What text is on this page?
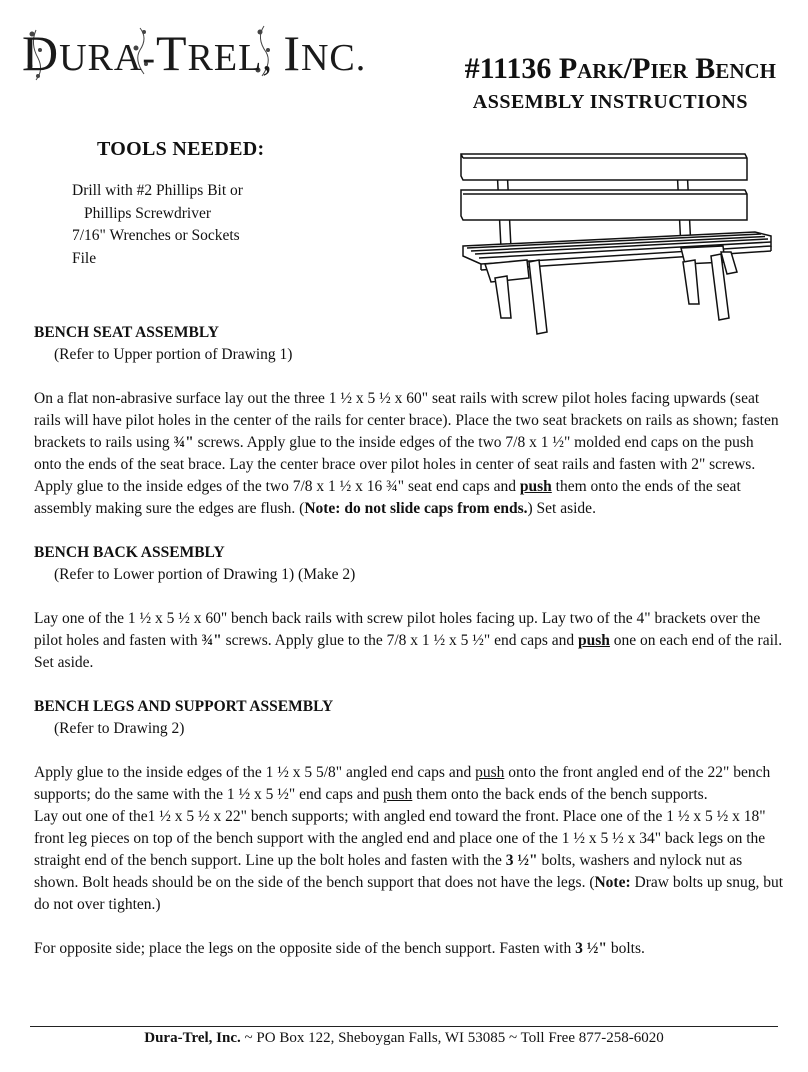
DURA-TREL, INC.	#11136 Park/Pier Bench
ASSEMBLY INSTRUCTIONS
TOOLS NEEDED:
Drill with #2 Phillips Bit or
Phillips Screwdriver
7/16" Wrenches or Sockets
File
BENCH SEAT ASSEMBLY
(Refer to Upper portion of Drawing 1)

On a flat non-abrasive surface lay out the three 1 ½ x 5 ½ x 60" seat rails with screw pilot holes facing upwards (seat rails will have pilot holes in the center of the rails for center brace). Place the two seat brackets on rails as shown; fasten brackets to rails using ¾" screws. Apply glue to the inside edges of the two 7/8 x 1 ½" molded end caps on the push onto the ends of the seat brace. Lay the center brace over pilot holes in center of seat rails and fasten with 2" screws. Apply glue to the inside edges of the two 7/8 x 1 ½ x 16 ¾" seat end caps and push them onto the ends of the seat assembly making sure the edges are flush. (Note: do not slide caps from ends.) Set aside.

BENCH BACK ASSEMBLY
(Refer to Lower portion of Drawing 1) (Make 2)

Lay one of the 1 ½ x 5 ½ x 60" bench back rails with screw pilot holes facing up. Lay two of the 4" brackets over the pilot holes and fasten with ¾" screws. Apply glue to the 7/8 x 1 ½ x 5 ½" end caps and push one on each end of the rail. Set aside.

BENCH LEGS AND SUPPORT ASSEMBLY
(Refer to Drawing 2)

Apply glue to the inside edges of the 1 ½ x 5 5/8" angled end caps and push onto the front angled end of the 22" bench supports; do the same with the 1 ½ x 5 ½" end caps and push them onto the back ends of the bench supports.

Lay out one of the1 ½ x 5 ½ x 22" bench supports; with angled end toward the front. Place one of the 1 ½ x 5 ½ x 18" front leg pieces on top of the bench support with the angled end and place one of the 1 ½ x 5 ½ x 34" back legs on the straight end of the bench support. Line up the bolt holes and fasten with the 3 ½" bolts, washers and nylock nut as shown. Bolt heads should be on the side of the bench support that does not have the legs. (Note: Draw bolts up snug, but do not over tighten.)

For opposite side; place the legs on the opposite side of the bench support. Fasten with 3 ½" bolts.

Dura-Trel, Inc. ~ PO Box 122, Sheboygan Falls, WI 53085 ~ Toll Free 877-258-6020
